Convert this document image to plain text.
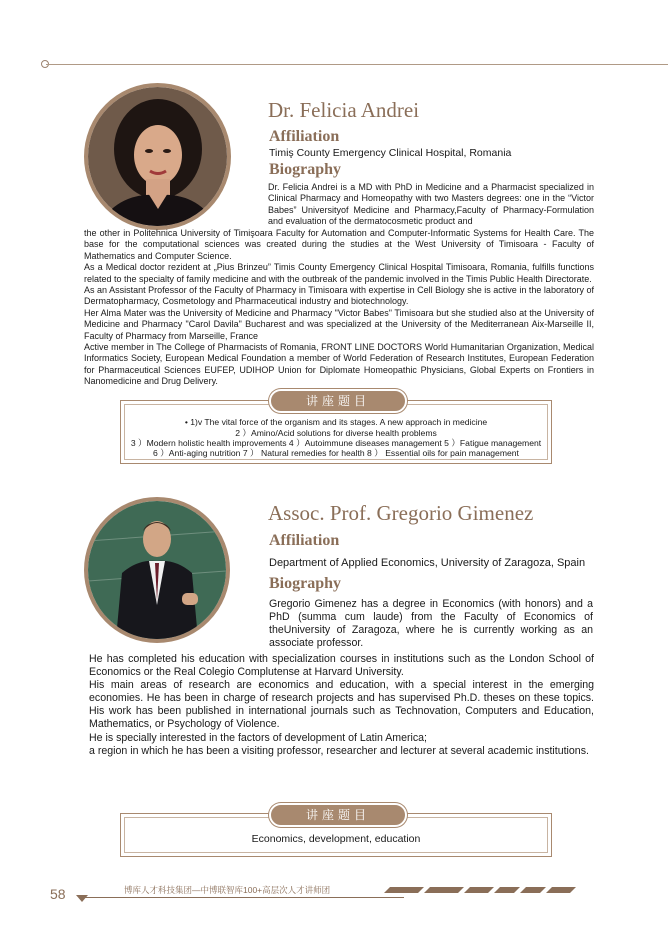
Dr. Felicia Andrei
Affiliation
Timiş County Emergency Clinical Hospital, Romania
Biography
Dr. Felicia Andrei is a MD with PhD in Medicine and a Pharmacist specialized in Clinical Pharmacy and Homeopathy with two Masters degrees: one in the “Victor Babes” Universityof Medicine and Pharmacy,Faculty of Pharmacy-Formulation and evaluation of the dermatocosmetic product and

the other in Politehnica University of Timişoara Faculty for Automation and Computer-Informatic Systems for Health Care. The base for the computational sciences was created during the studies at the West University of Timisoara - Faculty of Mathematics and Computer Science.

As a Medical doctor rezident at „Pius Brinzeu” Timis County Emergency Clinical Hospital Timisoara, Romania, fulfills functions related to the specialty of family medicine and with the outbreak of the pandemic involved in the Timis Public Health Directorate.

As an Assistant Professor of the Faculty of Pharmacy in Timisoara with expertise in Cell Biology she is active in the laboratory of Dermatopharmacy, Cosmetology and Pharmaceutical industry and biotechnology.

Her Alma Mater was the University of Medicine and Pharmacy "Victor Babes" Timisoara but she studied also at the University of Medicine and Pharmacy "Carol Davila" Bucharest and was specialized at the University of the Mediterranean Aix-Marseille II, Faculty of Pharmacy from Marseille, France

Active member in The College of Pharmacists of Romania, FRONT LINE DOCTORS World Humanitarian Organization, Medical Informatics Society, European Medical Foundation a member of World Federation of Research Institutes, European Federation for Pharmaceutical Sciences EUFEP, UDIHOP Union for Diplomate Homeopathic Physicians, Global Experts on Frontiers in Nanomedicine and Drug Delivery.

• 1)v The vital force of the organism and its stages. A new approach in medicine
2 ）Amino/Acid solutions for diverse health problems
3 ）Modern holistic health improvements 4 ）Autoimmune diseases management 5 ）Fatigue management
6 ）Anti-aging nutrition 7 ） Natural remedies for health 8 ） Essential oils for pain management
讲座题目
Assoc. Prof. Gregorio Gimenez
Affiliation
Department of Applied Economics, University of Zaragoza, Spain
Biography
Gregorio Gimenez has a degree in Economics (with honors) and a PhD (summa cum laude) from the Faculty of Economics of theUniversity of Zaragoza, where he is currently working as an associate professor.

He has completed his education with specialization courses in institutions such as the London School of Economics or the Real Colegio Complutense at Harvard University.

His main areas of research are economics and education, with a special interest in the emerging economies. He has been in charge of research projects and has supervised Ph.D. theses on these topics. His work has been published in international journals such as Technovation, Computers and Education, Mathematics, or Psychology of Violence.

He is specially interested in the factors of development of Latin America;

a region in which he has been a visiting professor, researcher and lecturer at several academic institutions.

Economics, development, education
讲座题目
58	博库人才科技集团—中博联智库100+高层次人才讲师团
